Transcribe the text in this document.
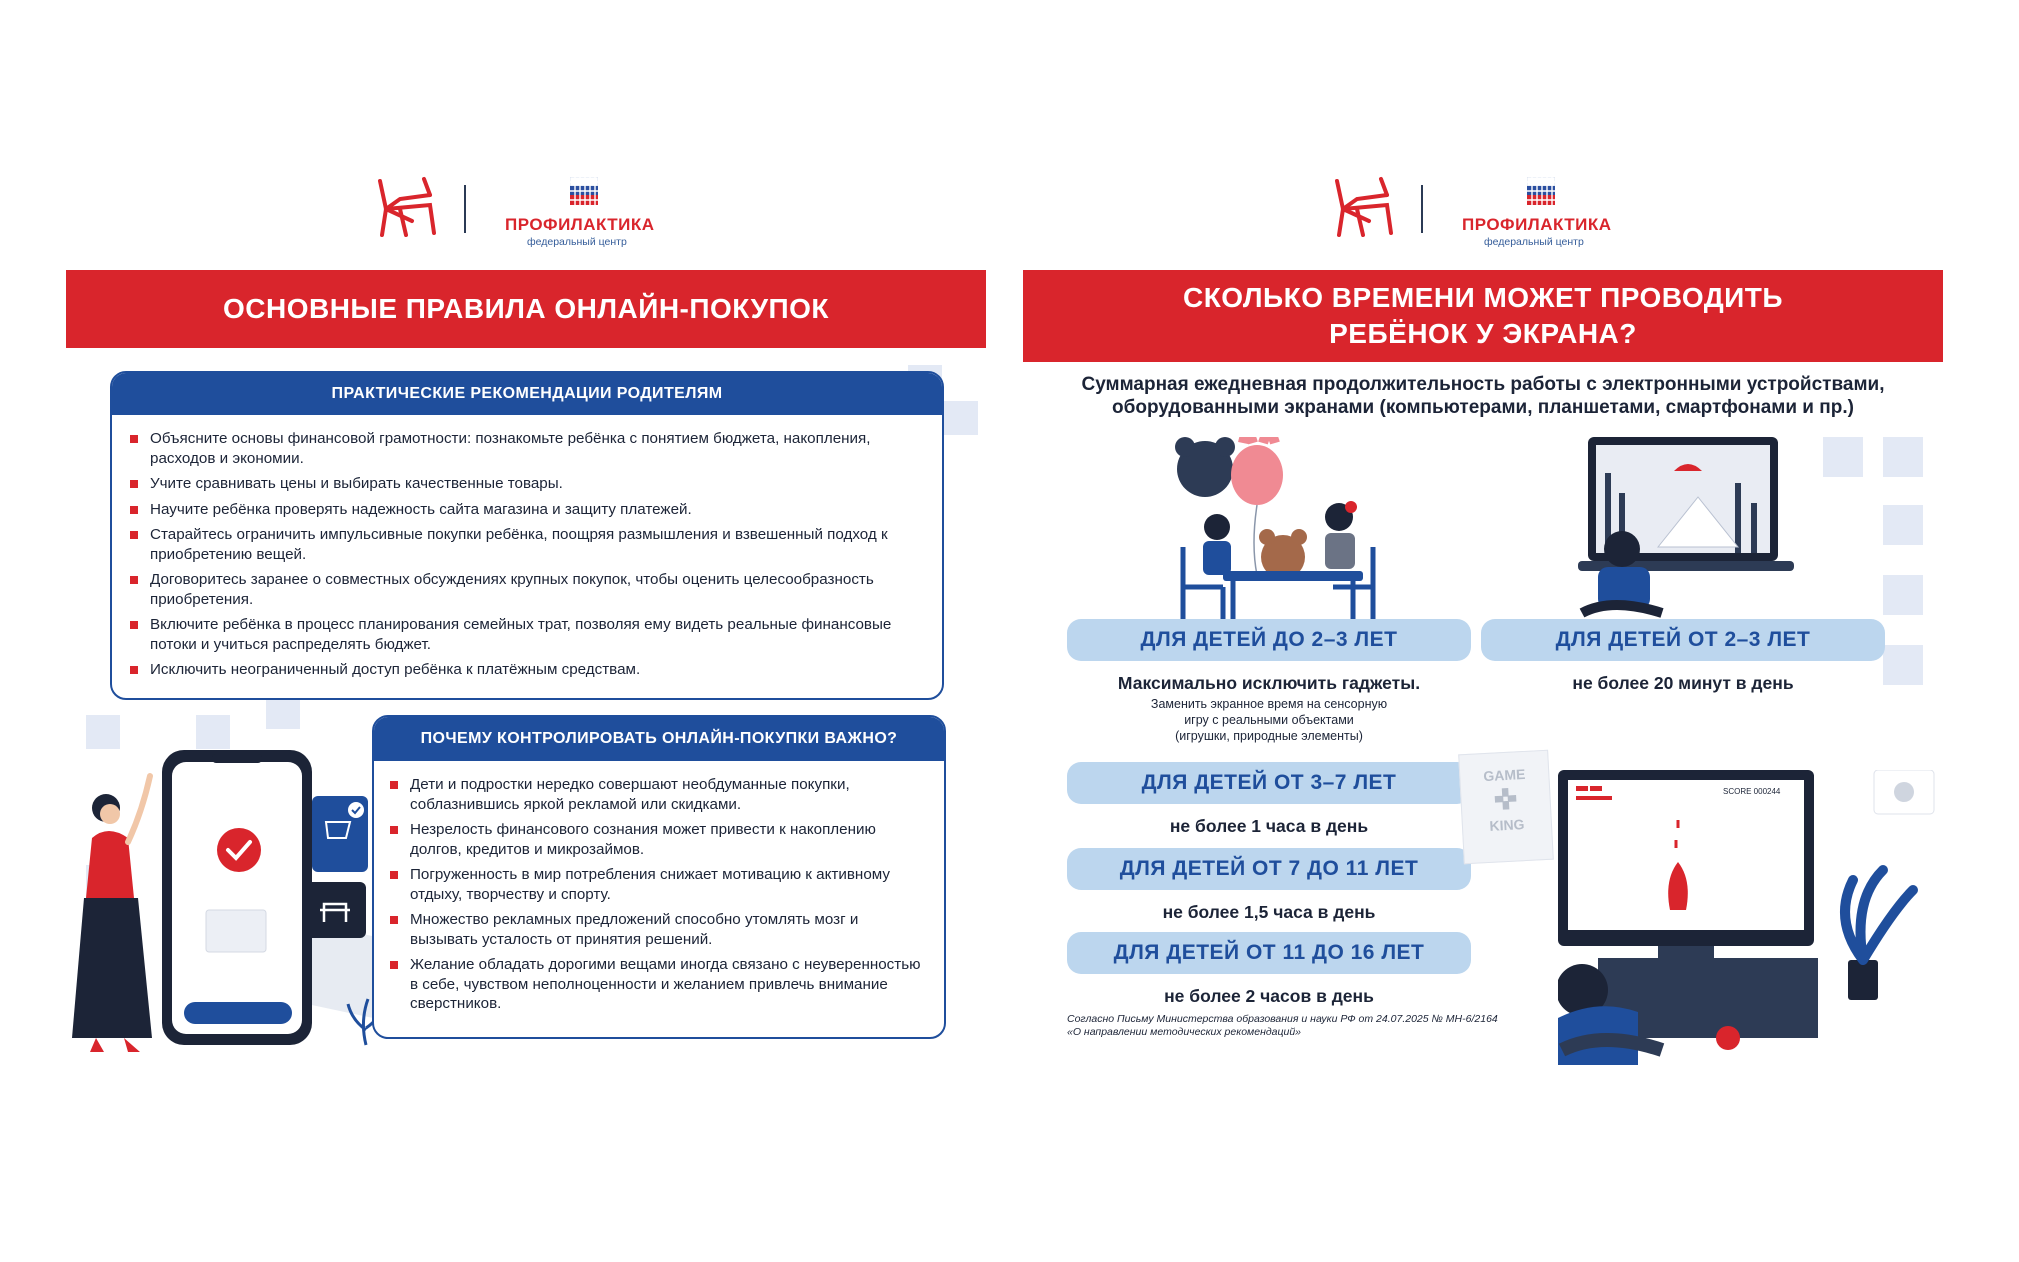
ПРОФИЛАКТИКА
федеральный центр
ОСНОВНЫЕ ПРАВИЛА ОНЛАЙН-ПОКУПОК
ПРАКТИЧЕСКИЕ РЕКОМЕНДАЦИИ РОДИТЕЛЯМ
Объясните основы финансовой грамотности: познакомьте ребёнка с понятием бюджета, накопления, расходов и экономии.
Учите сравнивать цены и выбирать качественные товары.
Научите ребёнка проверять надежность сайта магазина и защиту платежей.
Старайтесь ограничить импульсивные покупки ребёнка, поощряя размышления и взвешенный подход к приобретению вещей.
Договоритесь заранее о совместных обсуждениях крупных покупок, чтобы оценить целесообразность приобретения.
Включите ребёнка в процесс планирования семейных трат, позволяя ему видеть реальные финансовые потоки и учиться распределять бюджет.
Исключить неограниченный доступ ребёнка к платёжным средствам.
ПОЧЕМУ КОНТРОЛИРОВАТЬ ОНЛАЙН-ПОКУПКИ ВАЖНО?
Дети и подростки нередко совершают необдуманные покупки, соблазнившись яркой рекламой или скидками.
Незрелость финансового сознания может привести к накоплению долгов, кредитов и микрозаймов.
Погруженность в мир потребления снижает мотивацию к активному отдыху, творчеству и спорту.
Множество рекламных предложений способно утомлять мозг и вызывать усталость от принятия решений.
Желание обладать дорогими вещами иногда связано с неуверенностью в себе, чувством неполноценности и желанием привлечь внимание сверстников.
ПРОФИЛАКТИКА
федеральный центр
СКОЛЬКО ВРЕМЕНИ МОЖЕТ ПРОВОДИТЬ
РЕБЁНОК У ЭКРАНА?
Суммарная ежедневная продолжительность работы с электронными устройствами,
оборудованными экранами (компьютерами, планшетами, смартфонами и пр.)
ДЛЯ ДЕТЕЙ ДО 2–3 ЛЕТ	ДЛЯ ДЕТЕЙ ОТ 2–3 ЛЕТ
Максимально исключить гаджеты.
Заменить экранное время на сенсорную
игру с реальными объектами
(игрушки, природные элементы)
не более 20 минут в день
ДЛЯ ДЕТЕЙ ОТ 3–7 ЛЕТ
не более 1 часа в день
ДЛЯ ДЕТЕЙ ОТ 7 ДО 11 ЛЕТ
не более 1,5 часа в день
ДЛЯ ДЕТЕЙ ОТ 11 ДО 16 ЛЕТ
не более 2 часов в день
Согласно Письму Министерства образования и науки РФ от 24.07.2025 № МН-6/2164
«О направлении методических рекомендаций»
GAME
✜
KING
SCORE 000244
